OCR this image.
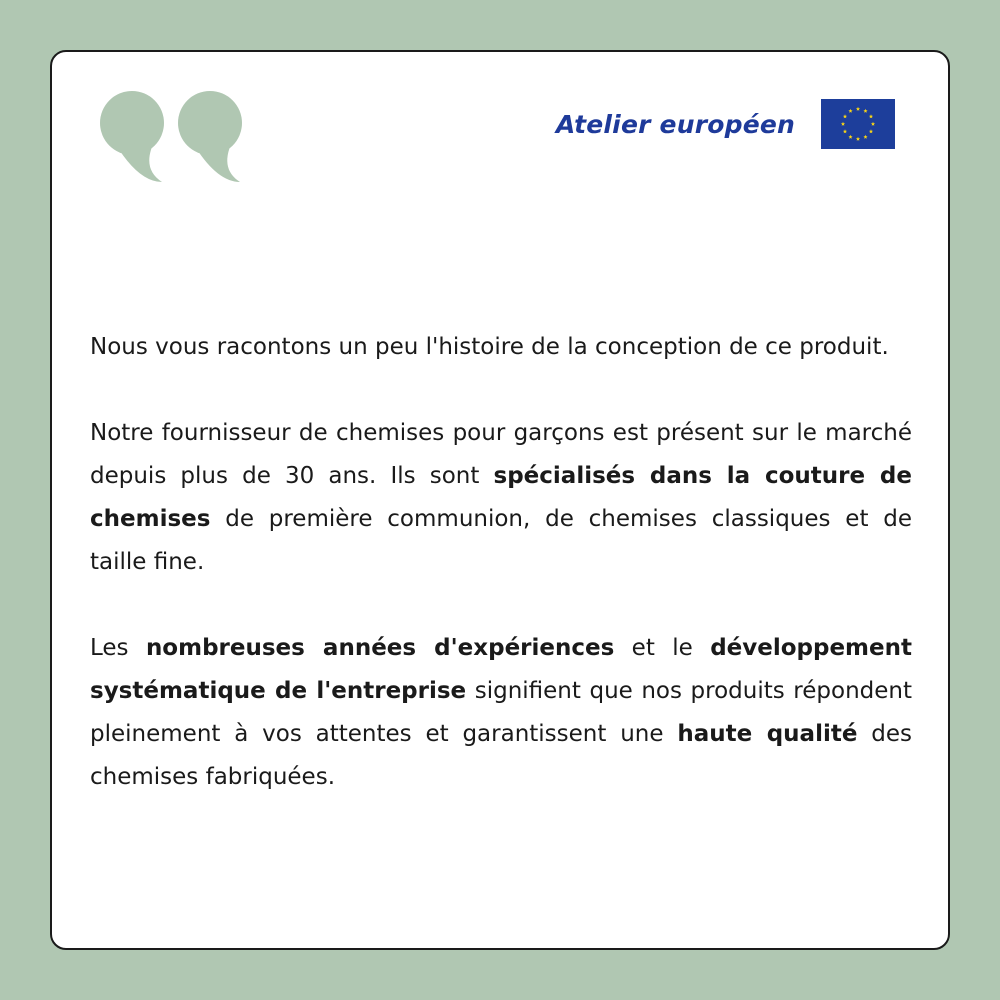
Atelier européen

Nous vous racontons un peu l'histoire de la conception de ce produit.

Notre fournisseur de chemises pour garçons est présent sur le marché depuis plus de 30 ans. Ils sont spécialisés dans la couture de chemises de première communion, de chemises classiques et de taille fine.

Les nombreuses années d'expériences et le développement systématique de l'entreprise signifient que nos produits répondent pleinement à vos attentes et garantissent une haute qualité des chemises fabriquées.
